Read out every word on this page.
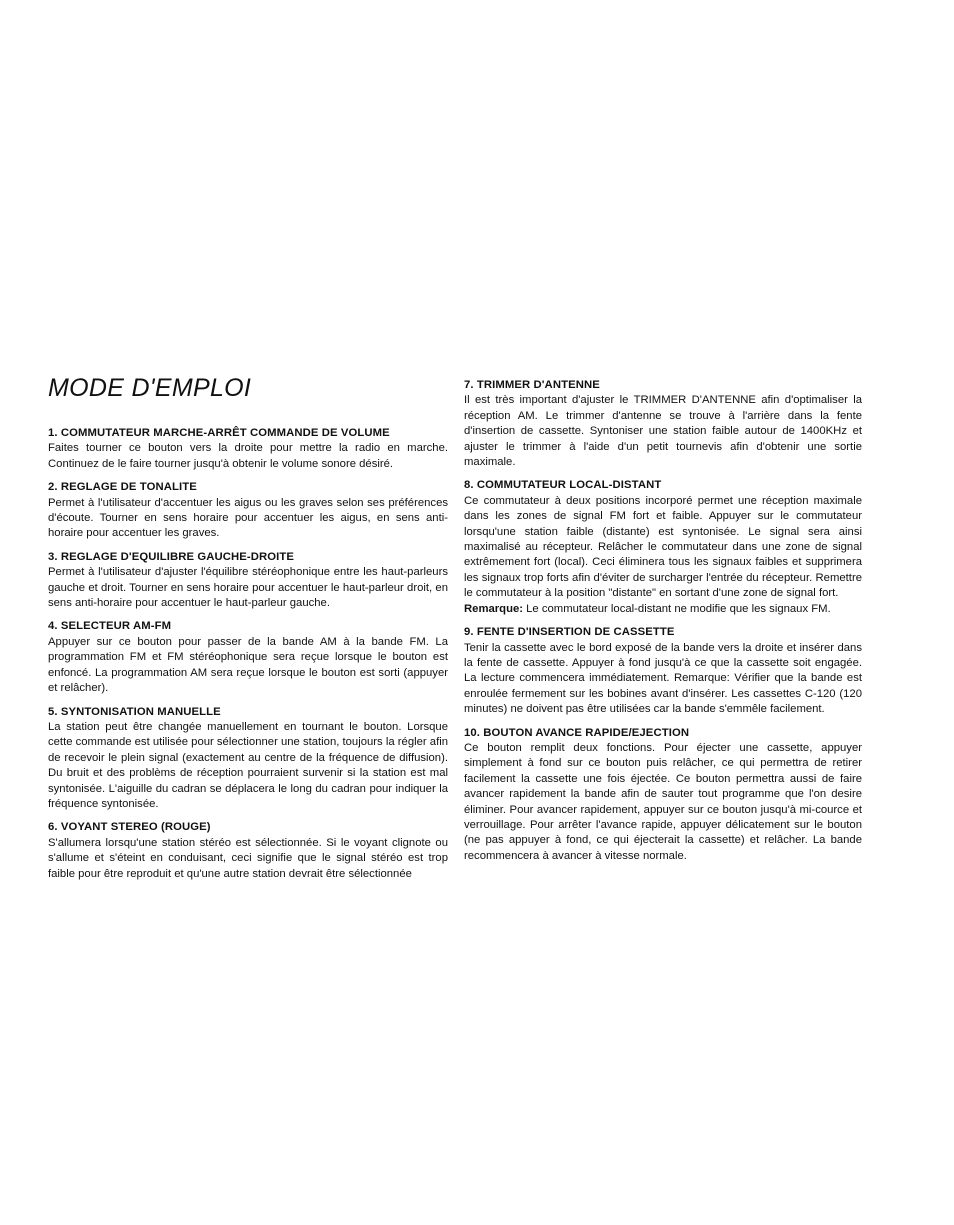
MODE D'EMPLOI
1. COMMUTATEUR MARCHE-ARRÊT COMMANDE DE VOLUME

Faites tourner ce bouton vers la droite pour mettre la radio en marche. Continuez de le faire tourner jusqu'à obtenir le volume sonore désiré.

2. REGLAGE DE TONALITE

Permet à l'utilisateur d'accentuer les aigus ou les graves selon ses préférences d'écoute. Tourner en sens horaire pour accentuer les aigus, en sens anti-horaire pour accentuer les graves.

3. REGLAGE D'EQUILIBRE GAUCHE-DROITE

Permet à l'utilisateur d'ajuster l'équilibre stéréophonique entre les haut-parleurs gauche et droit. Tourner en sens horaire pour accentuer le haut-parleur droit, en sens anti-horaire pour accentuer le haut-parleur gauche.

4. SELECTEUR AM-FM

Appuyer sur ce bouton pour passer de la bande AM à la bande FM. La programmation FM et FM stéréophonique sera reçue lorsque le bouton est enfoncé. La programmation AM sera reçue lorsque le bouton est sorti (appuyer et relâcher).

5. SYNTONISATION MANUELLE

La station peut être changée manuellement en tournant le bouton. Lorsque cette commande est utilisée pour sélectionner une station, toujours la régler afin de recevoir le plein signal (exactement au centre de la fréquence de diffusion). Du bruit et des problèms de réception pourraient survenir si la station est mal syntonisée. L'aiguille du cadran se déplacera le long du cadran pour indiquer la fréquence syntonisée.

6. VOYANT STEREO (ROUGE)

S'allumera lorsqu'une station stéréo est sélectionnée. Si le voyant clignote ou s'allume et s'éteint en conduisant, ceci signifie que le signal stéréo est trop faible pour être reproduit et qu'une autre station devrait être sélectionnée

7. TRIMMER D'ANTENNE

Il est très important d'ajuster le TRIMMER D'ANTENNE afin d'optimaliser la réception AM. Le trimmer d'antenne se trouve à l'arrière dans la fente d'insertion de cassette. Syntoniser une station faible autour de 1400KHz et ajuster le trimmer à l'aide d'un petit tournevis afin d'obtenir une sortie maximale.

8. COMMUTATEUR LOCAL-DISTANT

Ce commutateur à deux positions incorporé permet une réception maximale dans les zones de signal FM fort et faible. Appuyer sur le commutateur lorsqu'une station faible (distante) est syntonisée. Le signal sera ainsi maximalisé au récepteur. Relâcher le commutateur dans une zone de signal extrêmement fort (local). Ceci éliminera tous les signaux faibles et supprimera les signaux trop forts afin d'éviter de surcharger l'entrée du récepteur. Remettre le commutateur à la position "distante" en sortant d'une zone de signal fort.

Remarque: Le commutateur local-distant ne modifie que les signaux FM.

9. FENTE D'INSERTION DE CASSETTE

Tenir la cassette avec le bord exposé de la bande vers la droite et insérer dans la fente de cassette. Appuyer à fond jusqu'à ce que la cassette soit engagée. La lecture commencera immédiatement. Remarque: Vérifier que la bande est enroulée fermement sur les bobines avant d'insérer. Les cassettes C-120 (120 minutes) ne doivent pas être utilisées car la bande s'emmêle facilement.

10. BOUTON AVANCE RAPIDE/EJECTION

Ce bouton remplit deux fonctions. Pour éjecter une cassette, appuyer simplement à fond sur ce bouton puis relâcher, ce qui permettra de retirer facilement la cassette une fois éjectée. Ce bouton permettra aussi de faire avancer rapidement la bande afin de sauter tout programme que l'on desire éliminer. Pour avancer rapidement, appuyer sur ce bouton jusqu'à mi-cource et verrouillage. Pour arrêter l'avance rapide, appuyer délicatement sur le bouton (ne pas appuyer à fond, ce qui éjecterait la cassette) et relâcher. La bande recommencera à avancer à vitesse normale.
